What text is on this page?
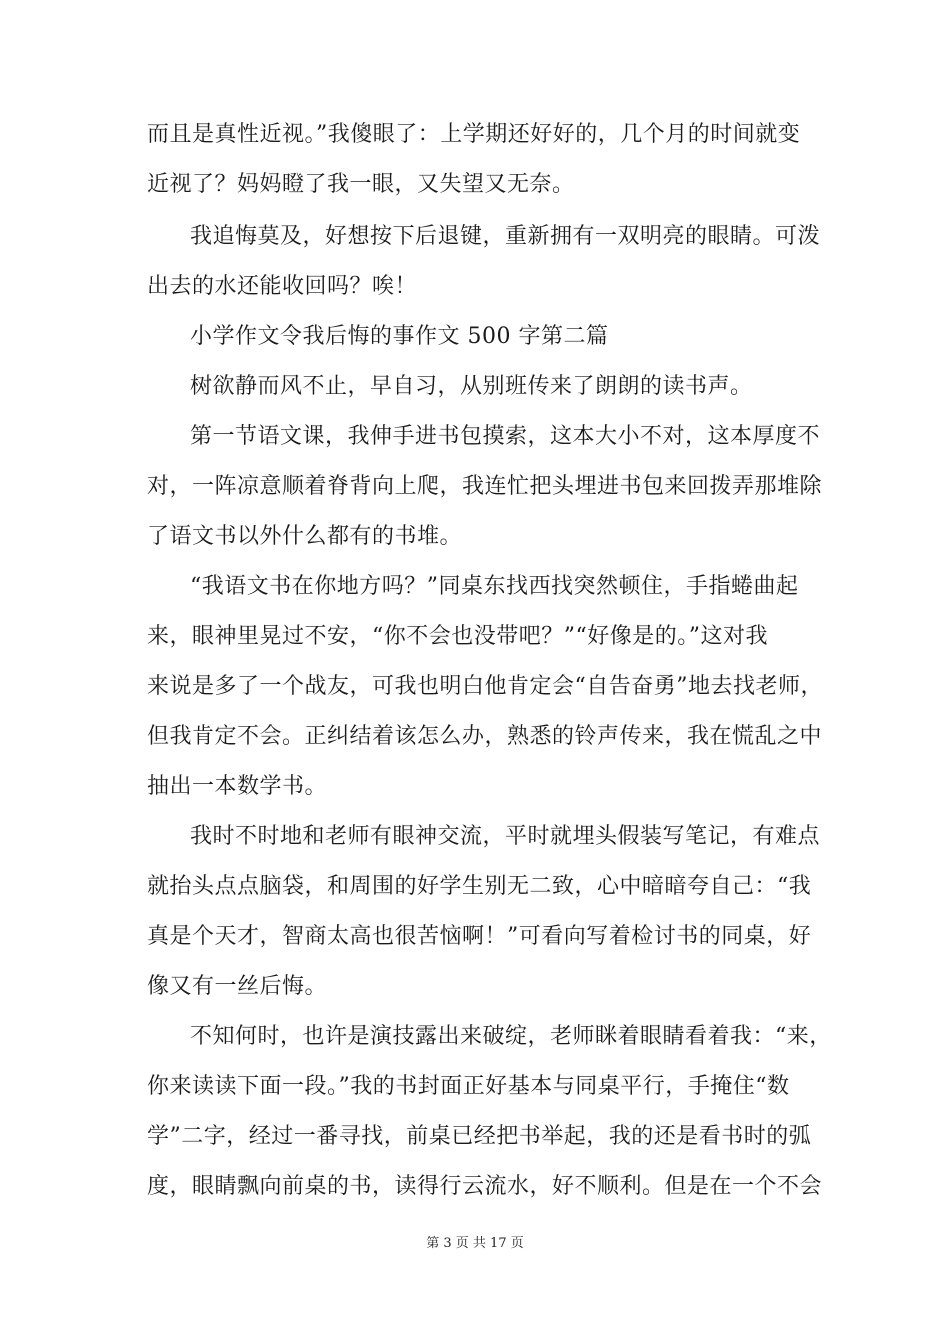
而且是真性近视。”我傻眼了：上学期还好好的，几个月的时间就变
近视了？妈妈瞪了我一眼，又失望又无奈。
我追悔莫及，好想按下后退键，重新拥有一双明亮的眼睛。可泼
出去的水还能收回吗？唉！
小学作文令我后悔的事作文 500 字第二篇
树欲静而风不止，早自习，从别班传来了朗朗的读书声。
第一节语文课，我伸手进书包摸索，这本大小不对，这本厚度不
对，一阵凉意顺着脊背向上爬，我连忙把头埋进书包来回拨弄那堆除
了语文书以外什么都有的书堆。
“我语文书在你地方吗？”同桌东找西找突然顿住，手指蜷曲起
来，眼神里晃过不安，“你不会也没带吧？”“好像是的。”这对我
来说是多了一个战友，可我也明白他肯定会“自告奋勇”地去找老师，
但我肯定不会。正纠结着该怎么办，熟悉的铃声传来，我在慌乱之中
抽出一本数学书。
我时不时地和老师有眼神交流，平时就埋头假装写笔记，有难点
就抬头点点脑袋，和周围的好学生别无二致，心中暗暗夸自己：“我
真是个天才，智商太高也很苦恼啊！”可看向写着检讨书的同桌，好
像又有一丝后悔。
不知何时，也许是演技露出来破绽，老师眯着眼睛看着我：“来，
你来读读下面一段。”我的书封面正好基本与同桌平行，手掩住“数
学”二字，经过一番寻找，前桌已经把书举起，我的还是看书时的弧
度，眼睛飘向前桌的书，读得行云流水，好不顺利。但是在一个不会
第 3 页 共 17 页
